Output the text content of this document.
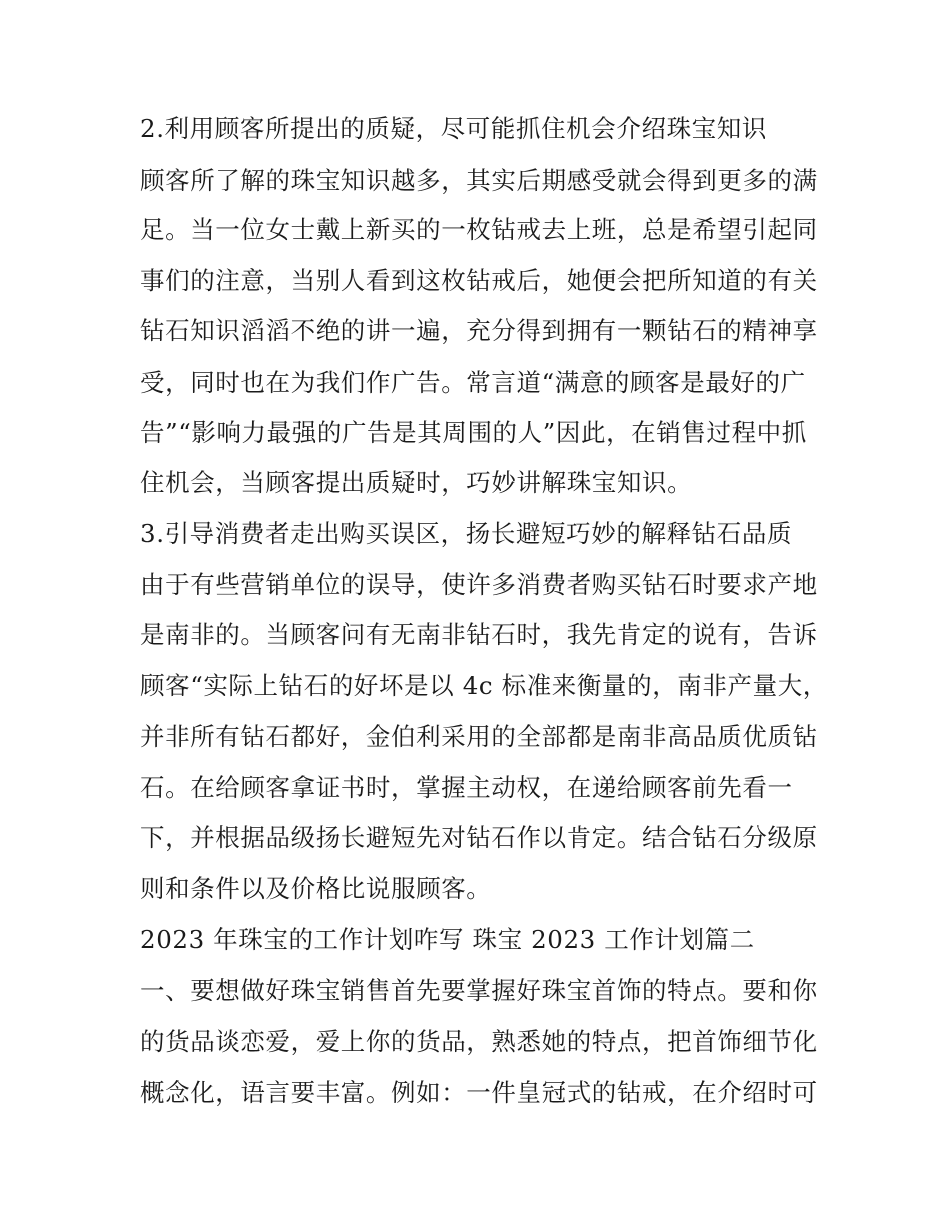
2.利用顾客所提出的质疑，尽可能抓住机会介绍珠宝知识
顾客所了解的珠宝知识越多，其实后期感受就会得到更多的满
足。当一位女士戴上新买的一枚钻戒去上班，总是希望引起同
事们的注意，当别人看到这枚钻戒后，她便会把所知道的有关
钻石知识滔滔不绝的讲一遍，充分得到拥有一颗钻石的精神享
受，同时也在为我们作广告。常言道“满意的顾客是最好的广
告”“影响力最强的广告是其周围的人”因此，在销售过程中抓
住机会，当顾客提出质疑时，巧妙讲解珠宝知识。
3.引导消费者走出购买误区，扬长避短巧妙的解释钻石品质
由于有些营销单位的误导，使许多消费者购买钻石时要求产地
是南非的。当顾客问有无南非钻石时，我先肯定的说有，告诉
顾客“实际上钻石的好坏是以 4c 标准来衡量的，南非产量大，
并非所有钻石都好，金伯利采用的全部都是南非高品质优质钻
石。在给顾客拿证书时，掌握主动权，在递给顾客前先看一
下，并根据品级扬长避短先对钻石作以肯定。结合钻石分级原
则和条件以及价格比说服顾客。
2023 年珠宝的工作计划咋写 珠宝 2023 工作计划篇二
一、要想做好珠宝销售首先要掌握好珠宝首饰的特点。要和你
的货品谈恋爱，爱上你的货品，熟悉她的特点，把首饰细节化
概念化，语言要丰富。例如：一件皇冠式的钻戒，在介绍时可
